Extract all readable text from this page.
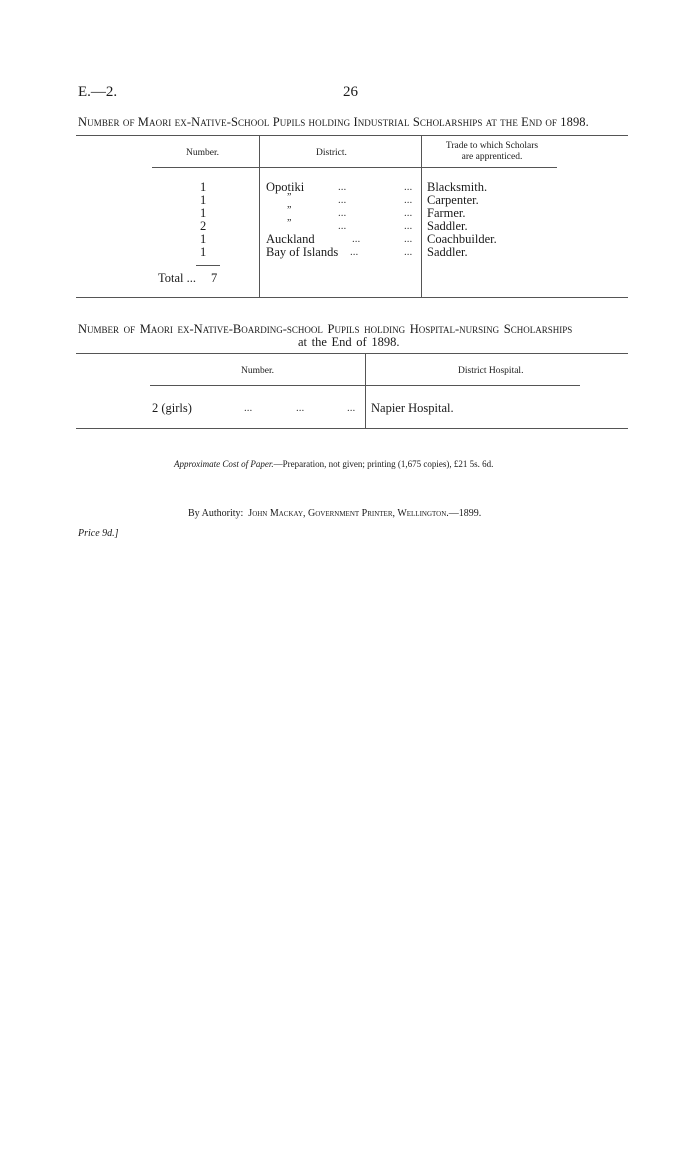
E.—2.	26
Number of Maori ex-Native-School Pupils holding Industrial Scholarships at the End of 1898.
Number.	District.
Trade to which Scholars
are apprenticed.
1	Opotiki	...	... Blacksmith.
1	”	...	... Carpenter.
1	”	...	... Farmer.
2	”	...	... Saddler.
1	Auckland	...	... Coachbuilder.
1	Bay of Islands ...	... Saddler.
Total ... 7
Number of Maori ex-Native-Boarding-school Pupils holding Hospital-nursing Scholarships
at the End of 1898.
Number.	District Hospital.
2 (girls)	...	...	... Napier Hospital.
Approximate Cost of Paper.—Preparation, not given; printing (1,675 copies), £21 5s. 6d.
By Authority: John Mackay, Government Printer, Wellington.—1899.
Price 9d.]
